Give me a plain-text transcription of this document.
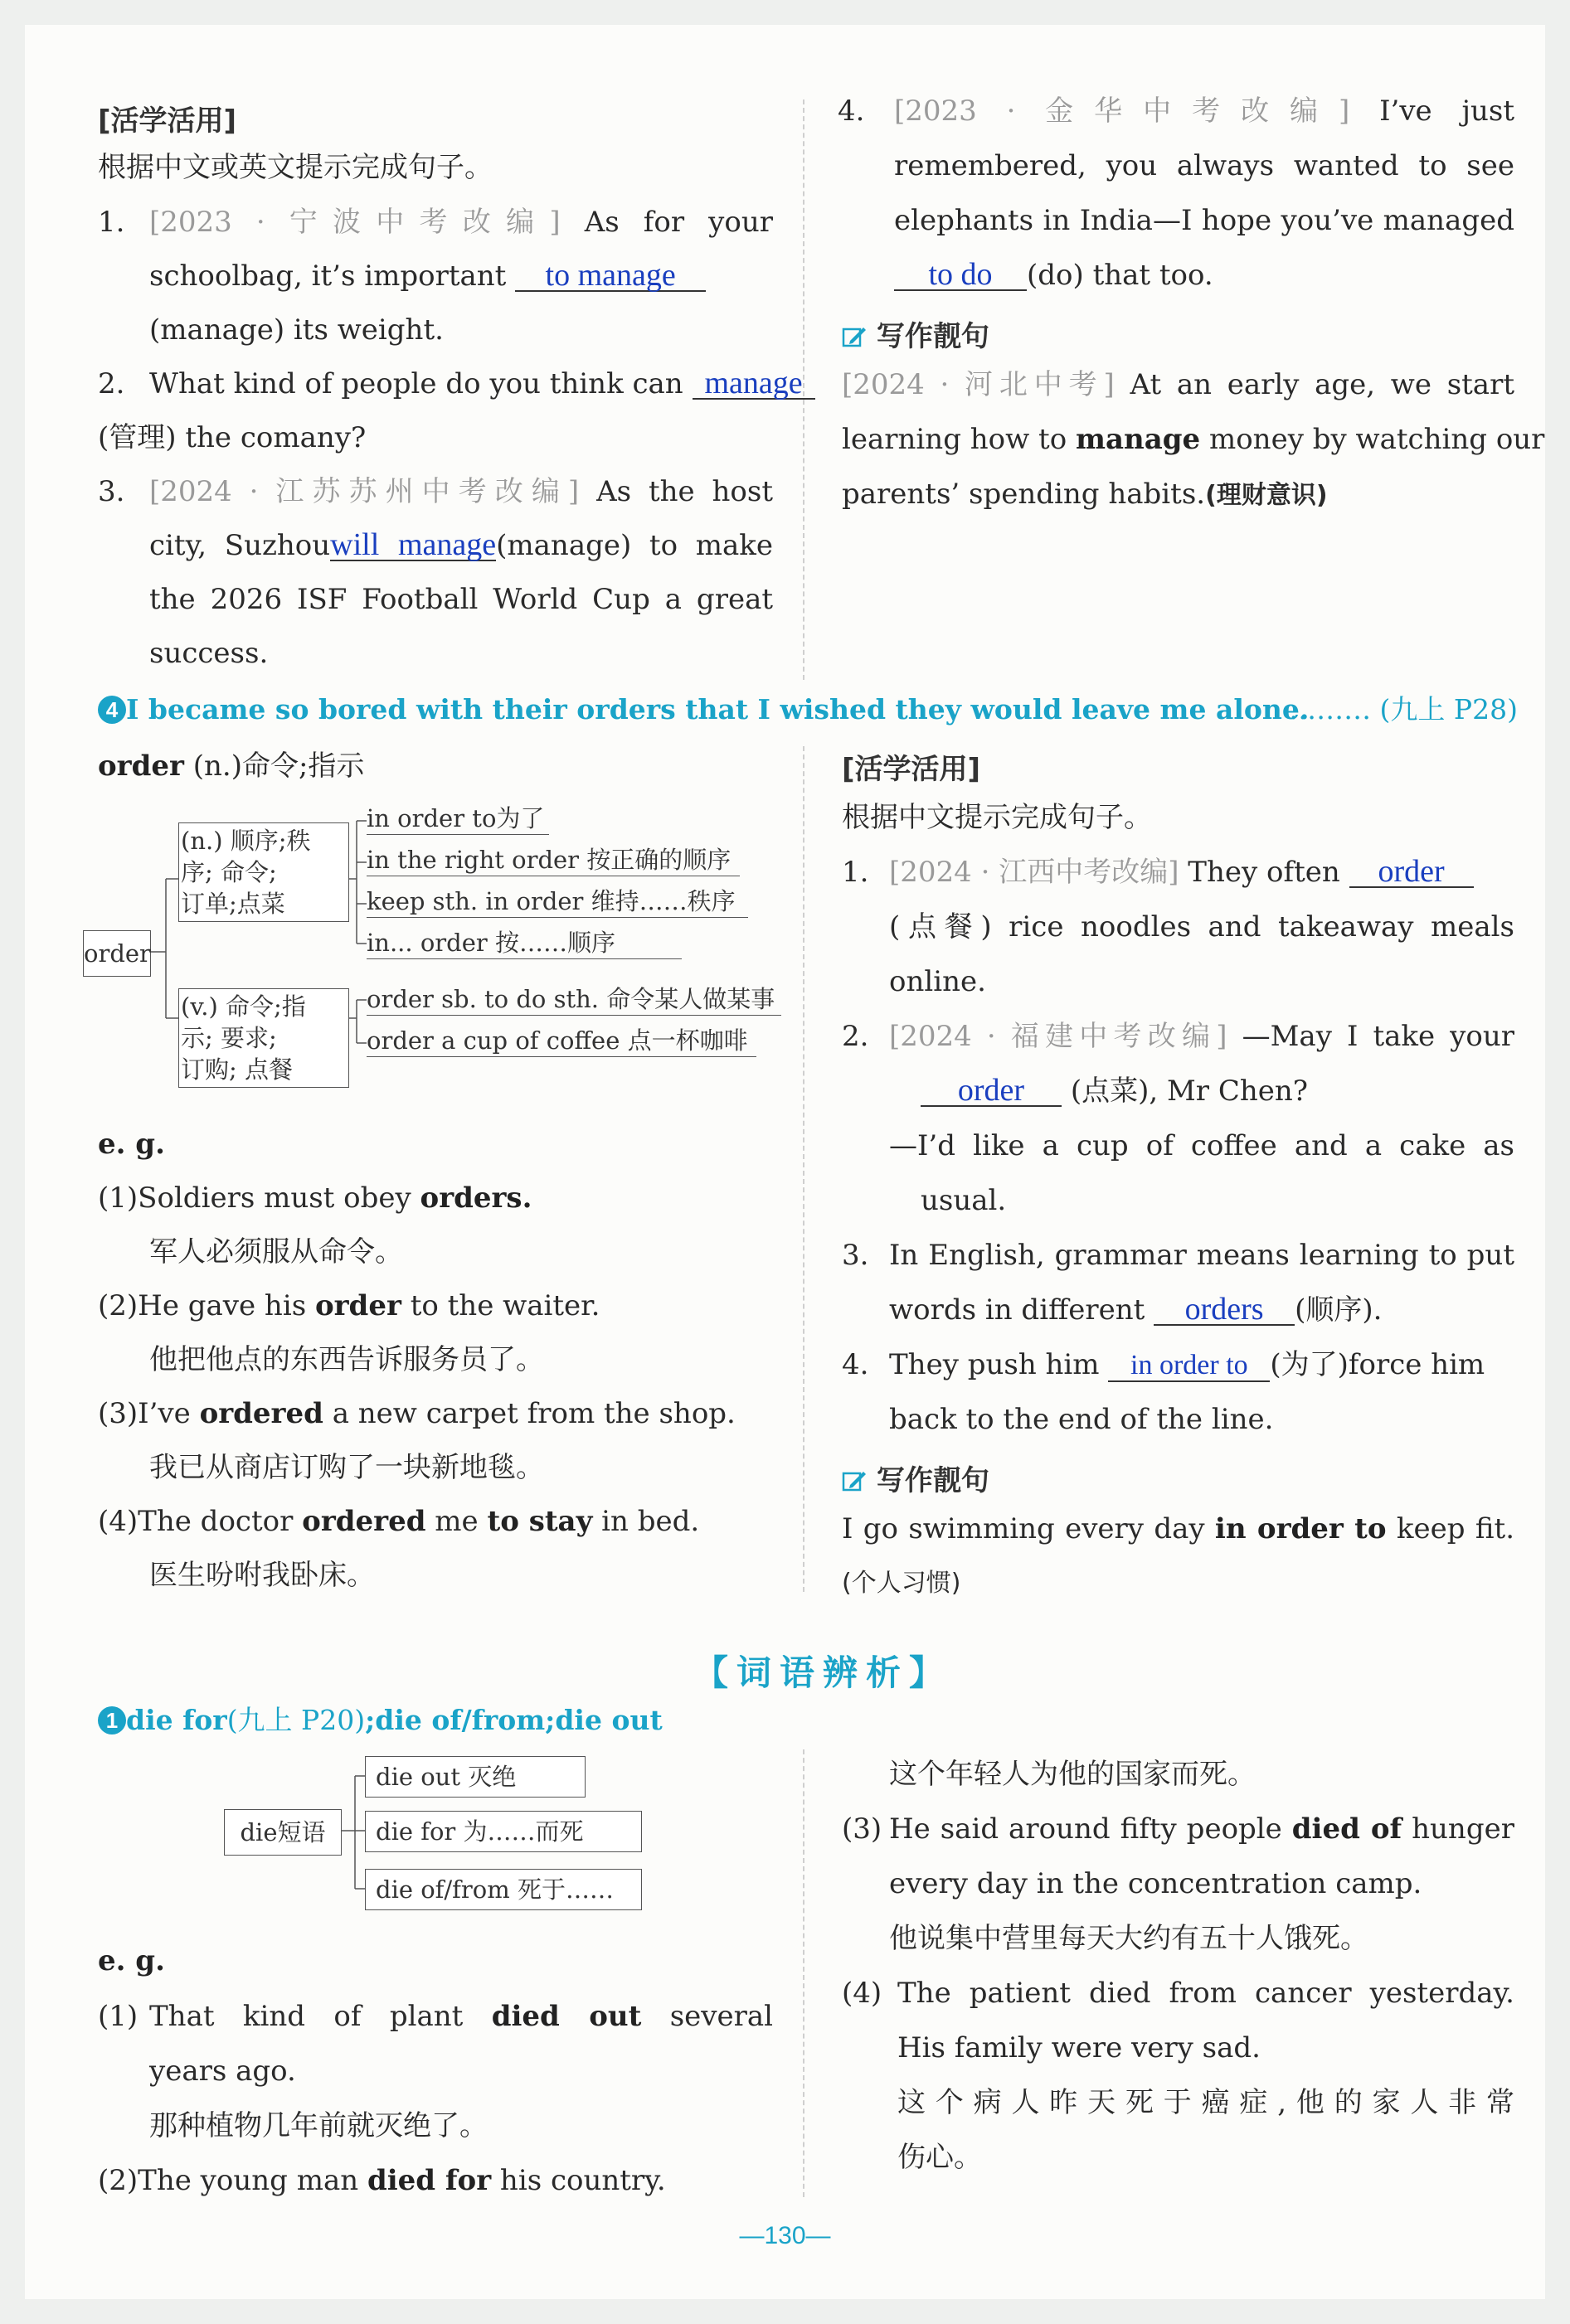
[活学活用]
根据中文或英文提示完成句子。
1. [2023 · 宁波中考改编] As for your
schoolbag, it’s important to manage
(manage) its weight.
2. What kind of people do you think can manage
(管理) the comany?
3. [2024 · 江苏苏州中考改编] As the host
city, Suzhouwill manage(manage) to make
the 2026 ISF Football World Cup a great
success.
4. [2023 · 金华中考改编] I’ve just
remembered, you always wanted to see
elephants in India—I hope you’ve managed
to do (do) that too.
写作靓句
[2024 · 河北中考] At an early age, we start
learning how to manage money by watching our
parents’ spending habits.(理财意识)
4 I became so bored with their orders that I wished they would leave me alone.
……… (九上 P28)
order (n.)命令;指示
order
(n.) 顺序;秩
序; 命令;
订单;点菜
in order to为了
in the right order 按正确的顺序
keep sth. in order 维持……秩序
in... order 按……顺序
(v.) 命令;指
示; 要求;
订购; 点餐
order sb. to do sth. 命令某人做某事
order a cup of coffee 点一杯咖啡
e. g.
(1)Soldiers must obey orders.
军人必须服从命令。
(2)He gave his order to the waiter.
他把他点的东西告诉服务员了。
(3)I’ve ordered a new carpet from the shop.
我已从商店订购了一块新地毯。
(4)The doctor ordered me to stay in bed.
医生吩咐我卧床。
[活学活用]
根据中文提示完成句子。
1. [2024 · 江西中考改编] They often order
(点餐) rice noodles and takeaway meals
online.
2. [2024 · 福建中考改编] —May I take your
order (点菜), Mr Chen?
—I’d like a cup of coffee and a cake as
usual.
3. In English, grammar means learning to put
words in different orders (顺序).
4. They push him in order to (为了)force him
back to the end of the line.
写作靓句
I go swimming every day in order to keep fit.
(个人习惯)
【词语辨析】
1 die for(九上 P20);die of/from;die out
die短语
die out 灭绝
die for 为……而死
die of/from 死于……
e. g.
(1) That kind of plant died out several
years ago.
那种植物几年前就灭绝了。
(2)The young man died for his country.
这个年轻人为他的国家而死。
(3) He said around fifty people died of hunger
every day in the concentration camp.
他说集中营里每天大约有五十人饿死。
(4) The patient died from cancer yesterday.
His family were very sad.
这个病人昨天死于癌症,他的家人非常
伤心。
—130—
